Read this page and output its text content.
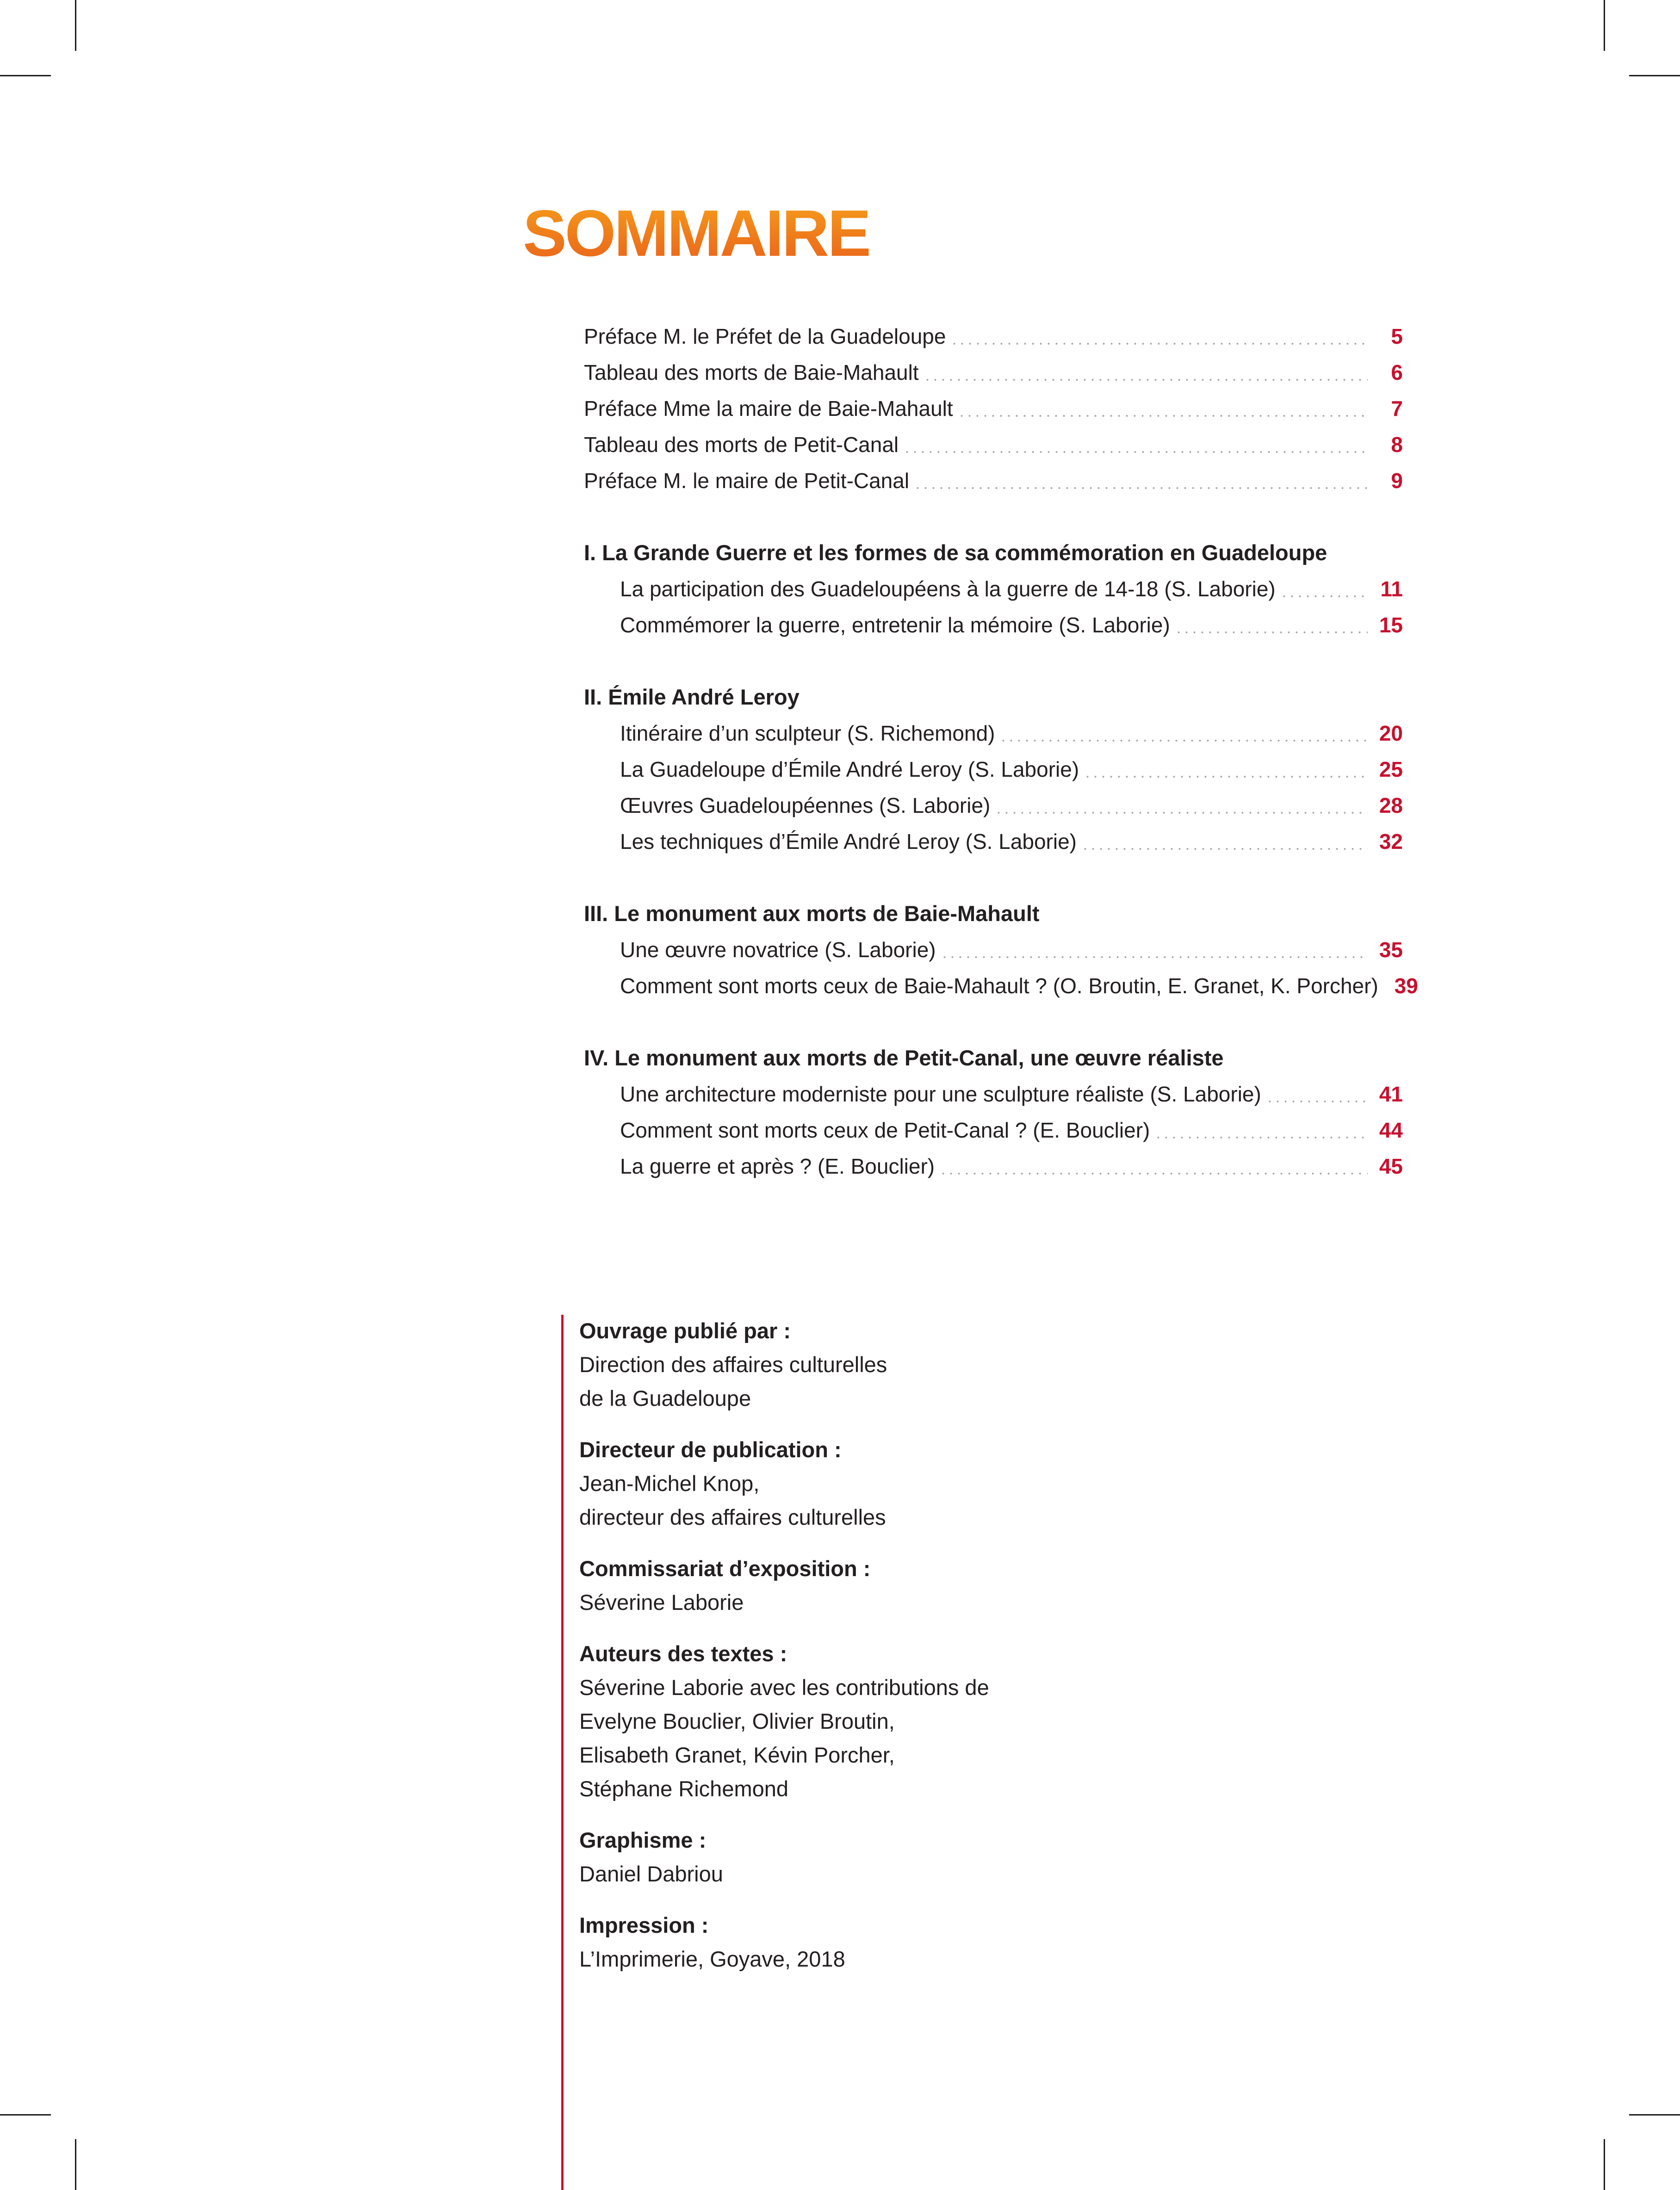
SOMMAIRE
Préface M. le Préfet de la Guadeloupe	5
Tableau des morts de Baie-Mahault	6
Préface Mme la maire de Baie-Mahault	7
Tableau des morts de Petit-Canal	8
Préface M. le maire de Petit-Canal	9
I. La Grande Guerre et les formes de sa commémoration en Guadeloupe
La participation des Guadeloupéens à la guerre de 14-18 (S. Laborie)	11
Commémorer la guerre, entretenir la mémoire (S. Laborie)	15
II. Émile André Leroy
Itinéraire d’un sculpteur (S. Richemond)	20
La Guadeloupe d’Émile André Leroy (S. Laborie)	25
Œuvres Guadeloupéennes (S. Laborie)	28
Les techniques d’Émile André Leroy (S. Laborie)	32
III. Le monument aux morts de Baie-Mahault
Une œuvre novatrice (S. Laborie)	35
Comment sont morts ceux de Baie-Mahault ? (O. Broutin, E. Granet, K. Porcher) 39
IV. Le monument aux morts de Petit-Canal, une œuvre réaliste
Une architecture moderniste pour une sculpture réaliste (S. Laborie)	41
Comment sont morts ceux de Petit-Canal ? (E. Bouclier)	44
La guerre et après ? (E. Bouclier)	45
Ouvrage publié par :
Direction des affaires culturelles
de la Guadeloupe
Directeur de publication :
Jean-Michel Knop,
directeur des affaires culturelles
Commissariat d’exposition :
Séverine Laborie
Auteurs des textes :
Séverine Laborie avec les contributions de
Evelyne Bouclier, Olivier Broutin,
Elisabeth Granet, Kévin Porcher,
Stéphane Richemond
Graphisme :
Daniel Dabriou
Impression :
L’Imprimerie, Goyave, 2018
